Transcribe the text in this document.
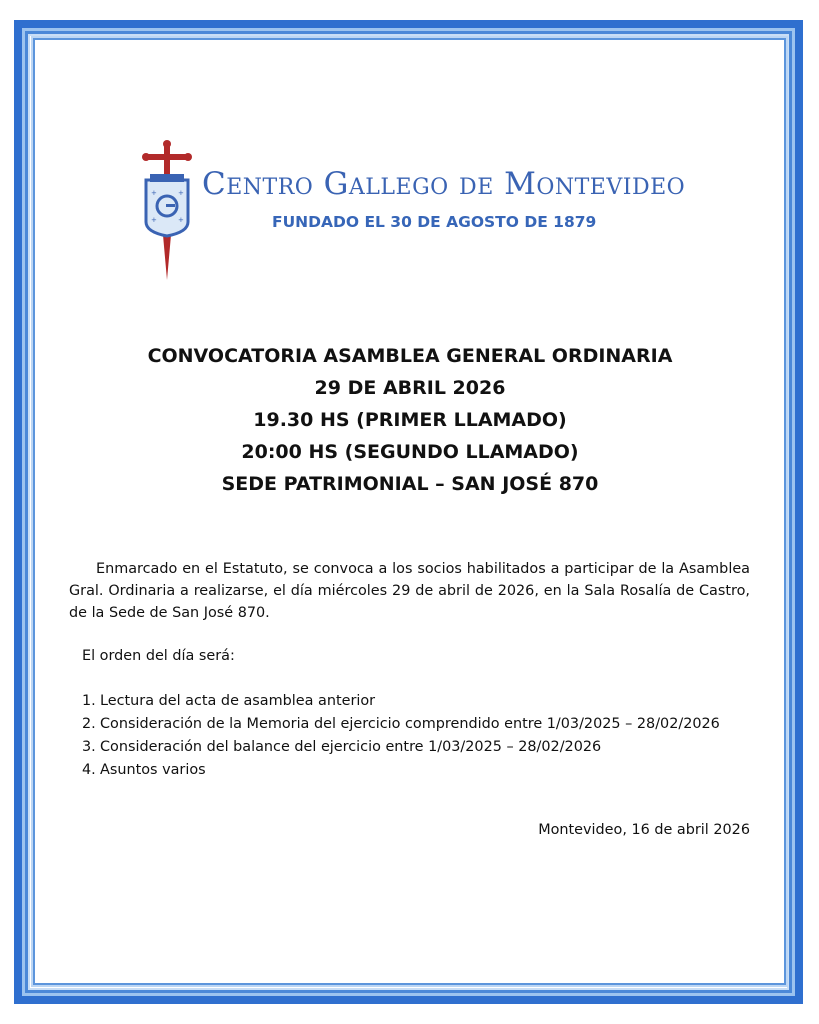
+	+
+	+
Centro Gallego de Montevideo

FUNDADO EL 30 DE AGOSTO DE 1879

CONVOCATORIA ASAMBLEA GENERAL ORDINARIA
29 DE ABRIL 2026
19.30 HS (PRIMER LLAMADO)
20:00 HS (SEGUNDO LLAMADO)
SEDE PATRIMONIAL – SAN JOSÉ 870

Enmarcado en el Estatuto, se convoca a los socios habilitados a participar de la Asamblea Gral. Ordinaria a realizarse, el día miércoles 29 de abril de 2026, en la Sala Rosalía de Castro, de la Sede de San José 870.

El orden del día será:

1. Lectura del acta de asamblea anterior
2. Consideración de la Memoria del ejercicio comprendido entre 1/03/2025 – 28/02/2026
3. Consideración del balance del ejercicio entre 1/03/2025 – 28/02/2026
4. Asuntos varios

Montevideo, 16 de abril 2026
